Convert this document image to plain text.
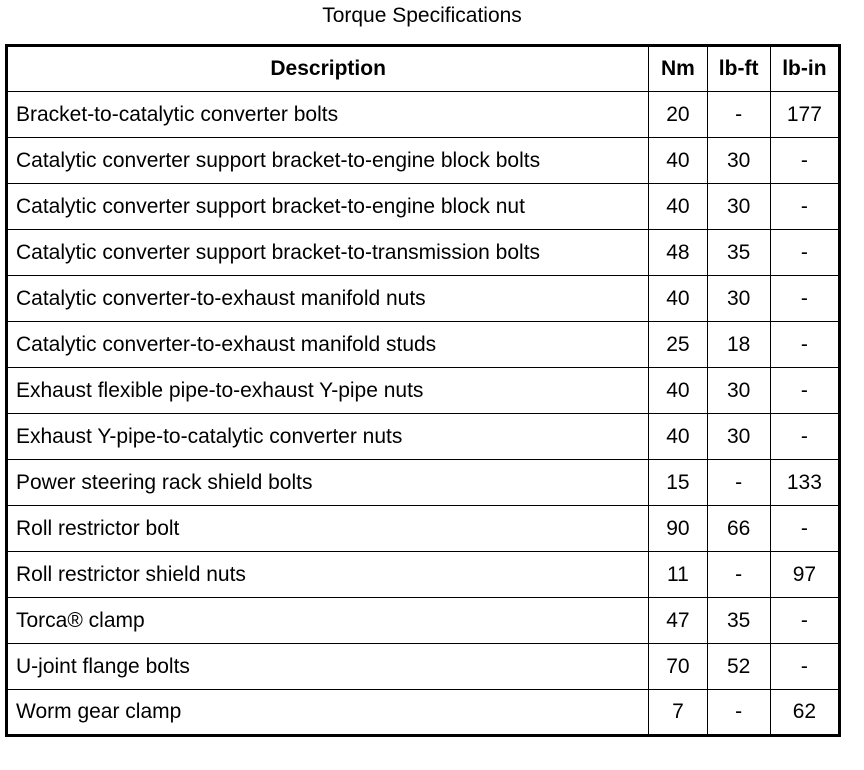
Torque Specifications
Description	Nm	lb-ft	lb-in
Bracket-to-catalytic converter bolts	20	-	177
Catalytic converter support bracket-to-engine block bolts	40	30	-
Catalytic converter support bracket-to-engine block nut	40	30	-
Catalytic converter support bracket-to-transmission bolts	48	35	-
Catalytic converter-to-exhaust manifold nuts	40	30	-
Catalytic converter-to-exhaust manifold studs	25	18	-
Exhaust flexible pipe-to-exhaust Y-pipe nuts	40	30	-
Exhaust Y-pipe-to-catalytic converter nuts	40	30	-
Power steering rack shield bolts	15	-	133
Roll restrictor bolt	90	66	-
Roll restrictor shield nuts	11	-	97
Torca® clamp	47	35	-
U-joint flange bolts	70	52	-
Worm gear clamp	7	-	62
